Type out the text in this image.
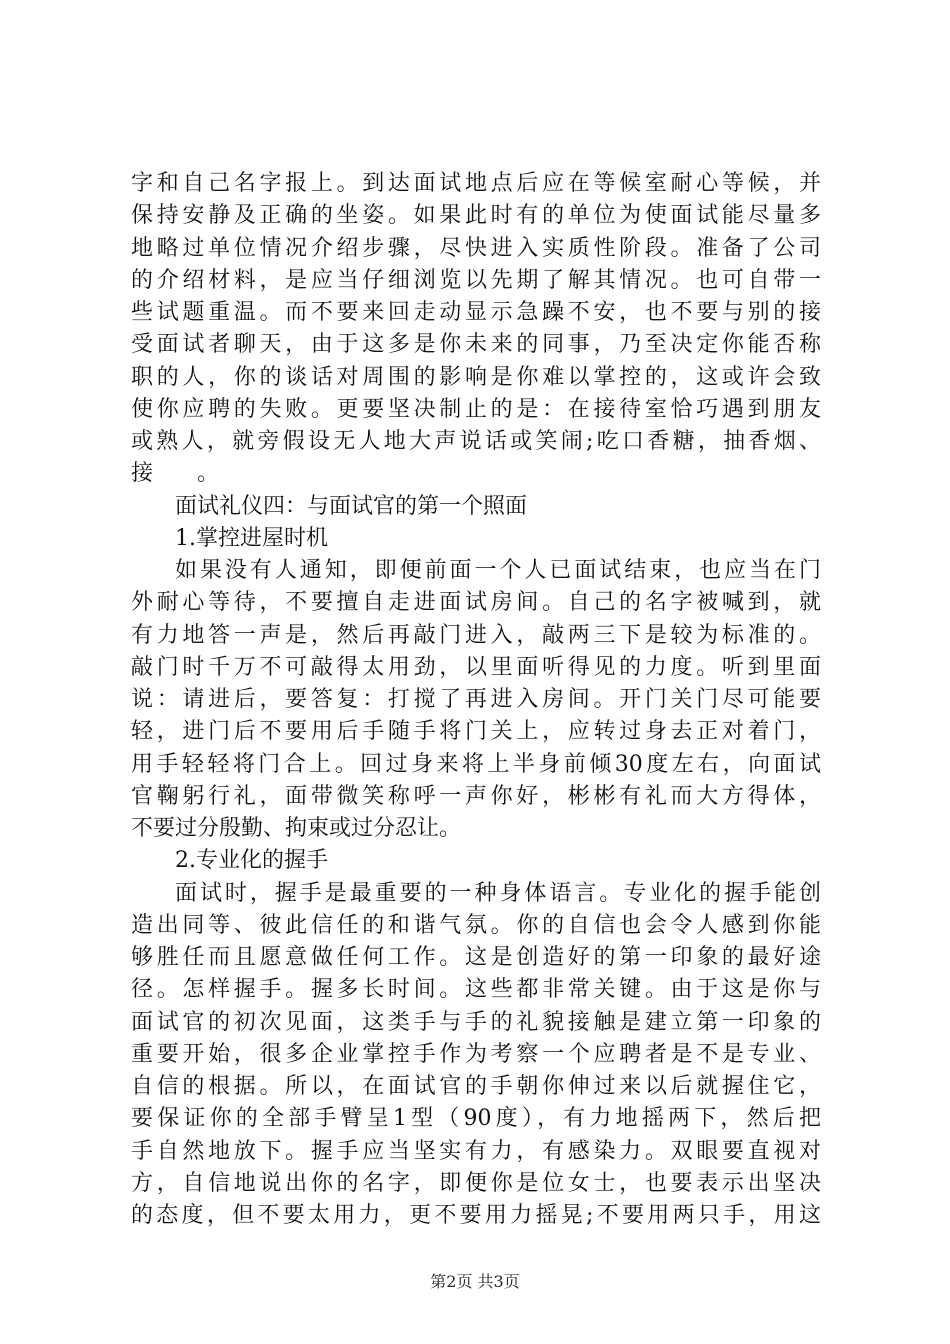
字和自己名字报上。到达面试地点后应在等候室耐心等候，并
保持安静及正确的坐姿。如果此时有的单位为使面试能尽量多
地略过单位情况介绍步骤，尽快进入实质性阶段。准备了公司
的介绍材料，是应当仔细浏览以先期了解其情况。也可自带一
些试题重温。而不要来回走动显示急躁不安，也不要与别的接
受面试者聊天，由于这多是你未来的同事，乃至决定你能否称
职的人，你的谈话对周围的影响是你难以掌控的，这或许会致
使你应聘的失败。更要坚决制止的是：在接待室恰巧遇到朋友
或熟人，就旁假设无人地大声说话或笑闹;吃口香糖，抽香烟、
接　　。
面试礼仪四：与面试官的第一个照面
1.掌控进屋时机
如果没有人通知，即便前面一个人已面试结束，也应当在门
外耐心等待，不要擅自走进面试房间。自己的名字被喊到，就
有力地答一声是，然后再敲门进入，敲两三下是较为标准的。
敲门时千万不可敲得太用劲，以里面听得见的力度。听到里面
说：请进后，要答复：打搅了再进入房间。开门关门尽可能要
轻，进门后不要用后手随手将门关上，应转过身去正对着门，
用手轻轻将门合上。回过身来将上半身前倾30度左右，向面试
官鞠躬行礼，面带微笑称呼一声你好，彬彬有礼而大方得体，
不要过分殷勤、拘束或过分忍让。
2.专业化的握手
面试时，握手是最重要的一种身体语言。专业化的握手能创
造出同等、彼此信任的和谐气氛。你的自信也会令人感到你能
够胜任而且愿意做任何工作。这是创造好的第一印象的最好途
径。怎样握手。握多长时间。这些都非常关键。由于这是你与
面试官的初次见面，这类手与手的礼貌接触是建立第一印象的
重要开始，很多企业掌控手作为考察一个应聘者是不是专业、
自信的根据。所以，在面试官的手朝你伸过来以后就握住它，
要保证你的全部手臂呈1型（90度），有力地摇两下，然后把
手自然地放下。握手应当坚实有力，有感染力。双眼要直视对
方，自信地说出你的名字，即便你是位女士，也要表示出坚决
的态度，但不要太用力，更不要用力摇晃;不要用两只手，用这
第2页 共3页
